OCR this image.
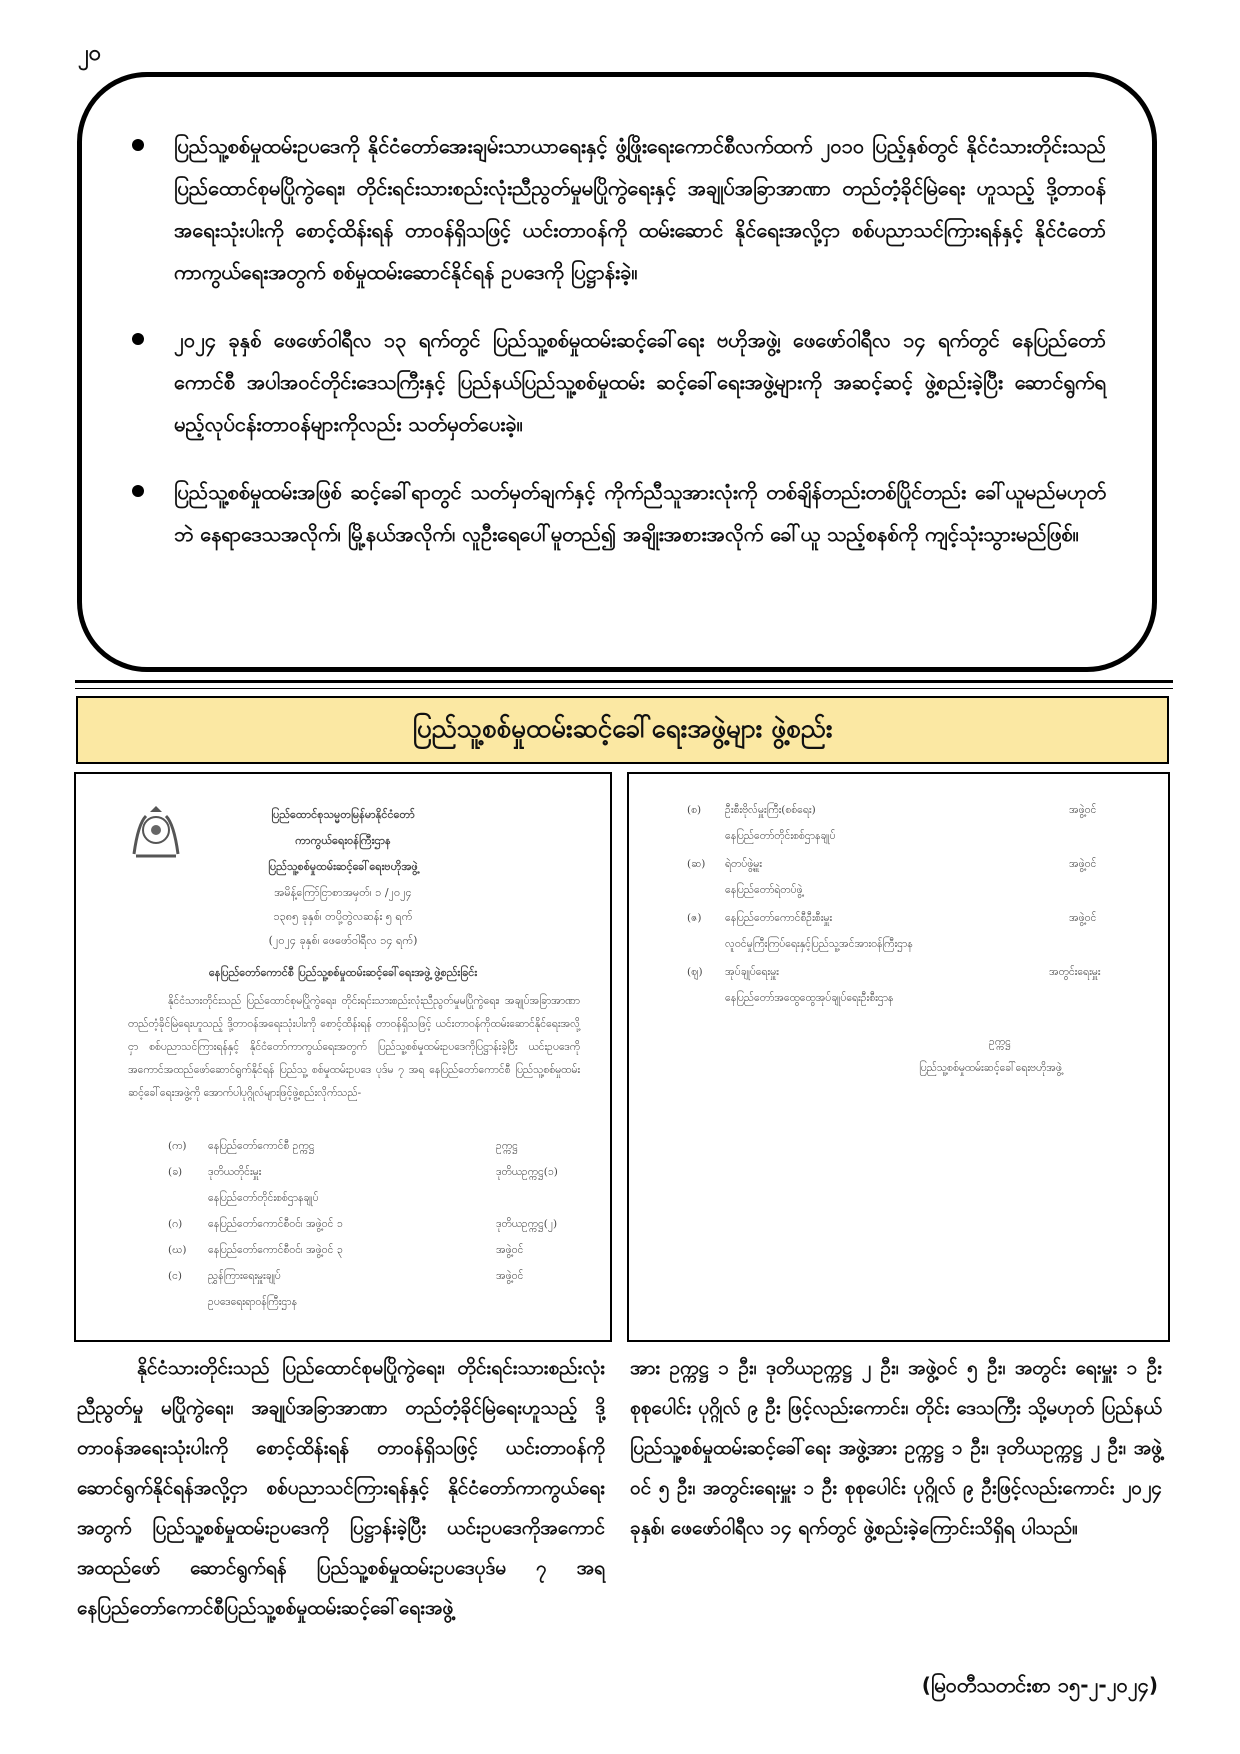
၂၀

ပြည်သူ့စစ်မှုထမ်းဥပဒေကို နိုင်ငံတော်အေးချမ်းသာယာရေးနှင့် ဖွံ့ဖြိုးရေးကောင်စီလက်ထက် ၂၀၁၀ ပြည့်နှစ်တွင် နိုင်ငံသားတိုင်းသည် ပြည်ထောင်စုမပြိုကွဲရေး၊ တိုင်းရင်းသားစည်းလုံးညီညွတ်မှုမပြိုကွဲရေးနှင့် အချုပ်အခြာအာဏာ တည်တံ့ခိုင်မြဲရေး ဟူသည့် ဒို့တာဝန်အရေးသုံးပါးကို စောင့်ထိန်းရန် တာဝန်ရှိသဖြင့် ယင်းတာဝန်ကို ထမ်းဆောင် နိုင်ရေးအလို့ငှာ စစ်ပညာသင်ကြားရန်နှင့် နိုင်ငံတော်ကာကွယ်ရေးအတွက် စစ်မှုထမ်းဆောင်နိုင်ရန် ဥပဒေကို ပြဋ္ဌာန်းခဲ့။

၂၀၂၄ ခုနှစ် ဖေဖော်ဝါရီလ ၁၃ ရက်တွင် ပြည်သူ့စစ်မှုထမ်းဆင့်ခေါ်ရေး ဗဟိုအဖွဲ့၊ ဖေဖော်ဝါရီလ ၁၄ ရက်တွင် နေပြည်တော်ကောင်စီ အပါအဝင်တိုင်းဒေသကြီးနှင့် ပြည်နယ်ပြည်သူ့စစ်မှုထမ်း ဆင့်ခေါ်ရေးအဖွဲ့များကို အဆင့်ဆင့် ဖွဲ့စည်းခဲ့ပြီး ဆောင်ရွက်ရမည့်လုပ်ငန်းတာဝန်များကိုလည်း သတ်မှတ်ပေးခဲ့။

ပြည်သူ့စစ်မှုထမ်းအဖြစ် ဆင့်ခေါ်ရာတွင် သတ်မှတ်ချက်နှင့် ကိုက်ညီသူအားလုံးကို တစ်ချိန်တည်းတစ်ပြိုင်တည်း ခေါ်ယူမည်မဟုတ်ဘဲ နေရာဒေသအလိုက်၊ မြို့နယ်အလိုက်၊ လူဦးရေပေါ်မူတည်၍ အချိုးအစားအလိုက် ခေါ်ယူ သည့်စနစ်ကို ကျင့်သုံးသွားမည်ဖြစ်။

ပြည်သူ့စစ်မှုထမ်းဆင့်ခေါ်ရေးအဖွဲ့များ ဖွဲ့စည်း
ပြည်ထောင်စုသမ္မတမြန်မာနိုင်ငံတော်
ကာကွယ်ရေးဝန်ကြီးဌာန
ပြည်သူ့စစ်မှုထမ်းဆင့်ခေါ်ရေးဗဟိုအဖွဲ့
အမိန့်ကြော်ငြာစာအမှတ်၊ ၁ /၂၀၂၄
၁၃၈၅ ခုနှစ်၊ တပို့တွဲလဆန်း ၅ ရက်
(၂၀၂၄ ခုနှစ်၊ ဖေဖော်ဝါရီလ ၁၄ ရက်)
နေပြည်တော်ကောင်စီ ပြည်သူ့စစ်မှုထမ်းဆင့်ခေါ်ရေးအဖွဲ့ ဖွဲ့စည်းခြင်း

နိုင်ငံသားတိုင်းသည် ပြည်ထောင်စုမပြိုကွဲရေး၊ တိုင်းရင်းသားစည်းလုံးညီညွတ်မှုမပြိုကွဲရေး၊ အချုပ်အခြာအာဏာတည်တံ့ခိုင်မြဲရေးဟူသည့် ဒို့တာဝန်အရေးသုံးပါးကို စောင့်ထိန်းရန် တာဝန်ရှိသဖြင့် ယင်းတာဝန်ကိုထမ်းဆောင်နိုင်ရေးအလို့ငှာ စစ်ပညာသင်ကြားရန်နှင့် နိုင်ငံတော်ကာကွယ်ရေးအတွက် ပြည်သူ့စစ်မှုထမ်းဥပဒေကိုပြဋ္ဌာန်းခဲ့ပြီး ယင်းဥပဒေကို အကောင်အထည်ဖော်ဆောင်ရွက်နိုင်ရန် ပြည်သူ့ စစ်မှုထမ်းဥပဒေ ပုဒ်မ ၇ အရ နေပြည်တော်ကောင်စီ ပြည်သူ့စစ်မှုထမ်းဆင့်ခေါ်ရေးအဖွဲ့ကို အောက်ပါပုဂ္ဂိုလ်များဖြင့်ဖွဲ့စည်းလိုက်သည်-

(က) နေပြည်တော်ကောင်စီ ဥက္ကဋ္ဌ	ဥက္ကဋ္ဌ
(ခ) ဒုတိယတိုင်းမှူး	ဒုတိယဥက္ကဋ္ဌ(၁)
နေပြည်တော်တိုင်းစစ်ဌာနချုပ်
(ဂ) နေပြည်တော်ကောင်စီဝင်၊ အဖွဲ့ဝင် ၁	ဒုတိယဥက္ကဋ္ဌ(၂)
(ဃ) နေပြည်တော်ကောင်စီဝင်၊ အဖွဲ့ဝင် ၃	အဖွဲ့ဝင်
(င) ညွှန်ကြားရေးမှူးချုပ်	အဖွဲ့ဝင်
ဥပဒေရေးရာဝန်ကြီးဌာန
(စ) ဦးစီးဗိုလ်မှူးကြီး(စစ်ရေး)	အဖွဲ့ဝင်
နေပြည်တော်တိုင်းစစ်ဌာနချုပ်
(ဆ) ရဲတပ်ဖွဲ့မှူး	အဖွဲ့ဝင်
နေပြည်တော်ရဲတပ်ဖွဲ့
(ဇ) နေပြည်တော်ကောင်စီဦးစီးမှူး	အဖွဲ့ဝင်
လူဝင်မှုကြီးကြပ်ရေးနှင့်ပြည်သူ့အင်အားဝန်ကြီးဌာန
(ဈ) အုပ်ချုပ်ရေးမှူး	အတွင်းရေးမှူး
နေပြည်တော်အထွေထွေအုပ်ချုပ်ရေးဦးစီးဌာန
ဥက္ကဋ္ဌ
ပြည်သူ့စစ်မှုထမ်းဆင့်ခေါ်ရေးဗဟိုအဖွဲ့

နိုင်ငံသားတိုင်းသည် ပြည်ထောင်စုမပြိုကွဲရေး၊ တိုင်းရင်းသားစည်းလုံးညီညွတ်မှု မပြိုကွဲရေး၊ အချုပ်အခြာအာဏာ တည်တံ့ခိုင်မြဲရေးဟူသည့် ဒို့တာဝန်အရေးသုံးပါးကို စောင့်ထိန်းရန် တာဝန်ရှိသဖြင့် ယင်းတာဝန်ကို ဆောင်ရွက်နိုင်ရန်အလို့ငှာ စစ်ပညာသင်ကြားရန်နှင့် နိုင်ငံတော်ကာကွယ်ရေးအတွက် ပြည်သူ့စစ်မှုထမ်းဥပဒေကို ပြဋ္ဌာန်းခဲ့ပြီး ယင်းဥပဒေကိုအကောင် အထည်ဖော် ဆောင်ရွက်ရန် ပြည်သူ့စစ်မှုထမ်းဥပဒေပုဒ်မ ၇ အရ နေပြည်တော်ကောင်စီပြည်သူ့စစ်မှုထမ်းဆင့်ခေါ်ရေးအဖွဲ့

အား ဥက္ကဋ္ဌ ၁ ဦး၊ ဒုတိယဥက္ကဋ္ဌ ၂ ဦး၊ အဖွဲ့ဝင် ၅ ဦး၊ အတွင်း ရေးမှူး ၁ ဦး စုစုပေါင်း ပုဂ္ဂိုလ် ၉ ဦး ဖြင့်လည်းကောင်း၊ တိုင်း ဒေသကြီး သို့မဟုတ် ပြည်နယ် ပြည်သူ့စစ်မှုထမ်းဆင့်ခေါ်ရေး အဖွဲ့အား ဥက္ကဋ္ဌ ၁ ဦး၊ ဒုတိယဥက္ကဋ္ဌ ၂ ဦး၊ အဖွဲ့ဝင် ၅ ဦး၊ အတွင်းရေးမှူး ၁ ဦး စုစုပေါင်း ပုဂ္ဂိုလ် ၉ ဦးဖြင့်လည်းကောင်း ၂၀၂၄ ခုနှစ်၊ ဖေဖော်ဝါရီလ ၁၄ ရက်တွင် ဖွဲ့စည်းခဲ့ကြောင်းသိရှိရ ပါသည်။

(မြဝတီသတင်းစာ ၁၅-၂-၂၀၂၄)
